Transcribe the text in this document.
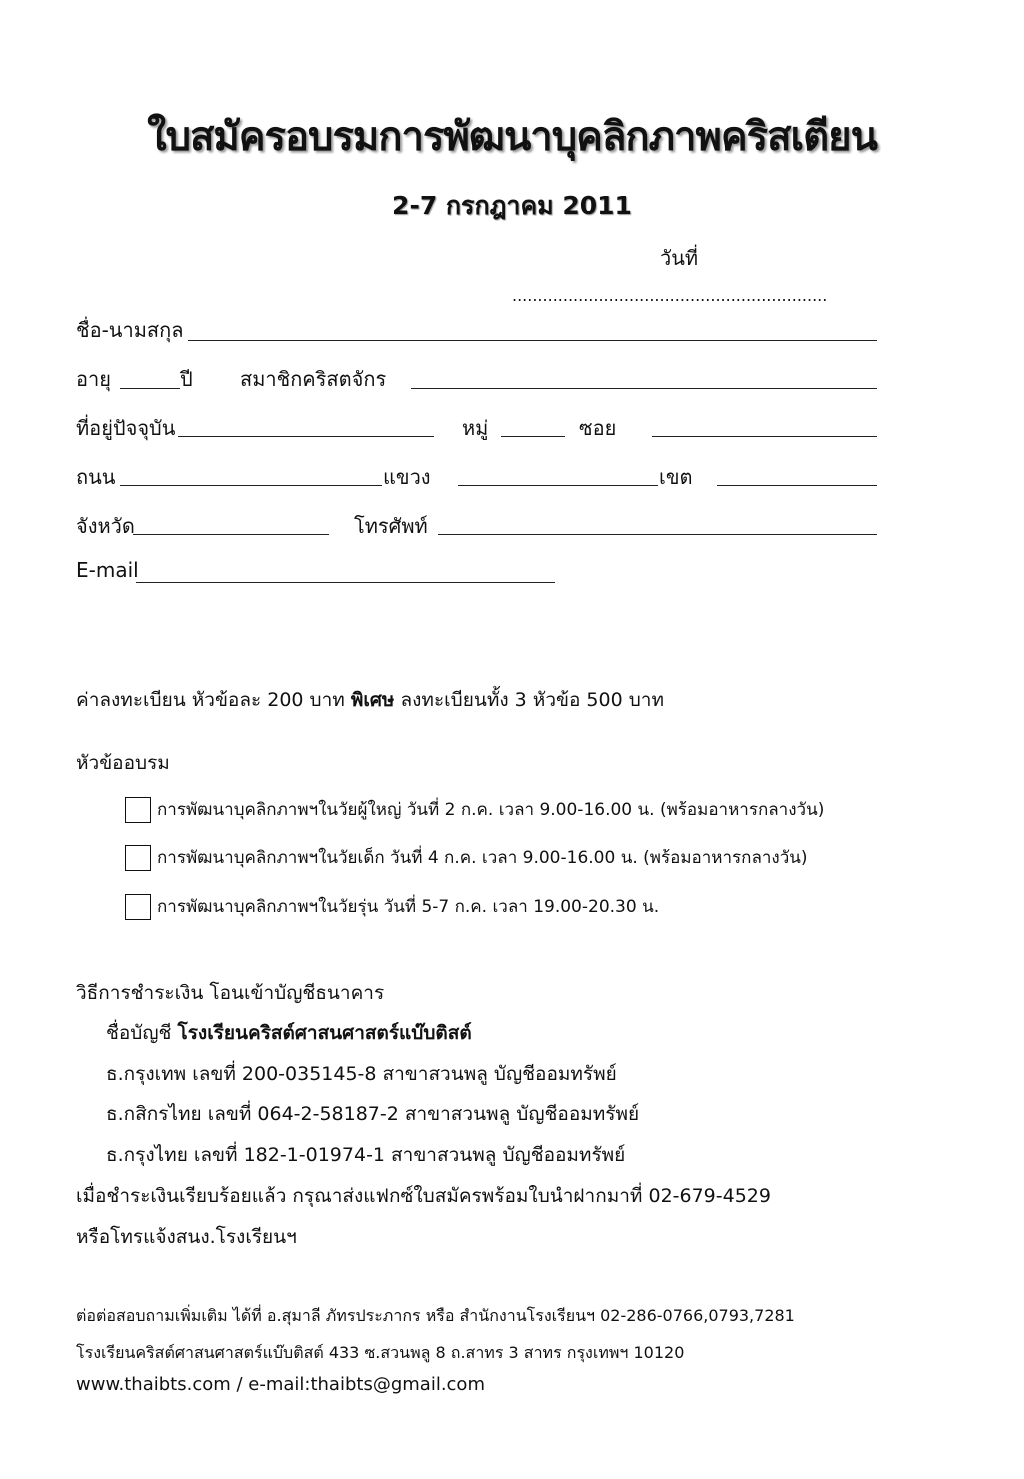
ใบสมัครอบรมการพัฒนาบุคลิกภาพคริสเตียน
2-7 กรกฎาคม 2011
วันที่
..............................................................
ชื่อ-นามสกุล
อายุ	ปี สมาชิกคริสตจักร
ที่อยู่ปัจจุบัน	หมู่	ซอย
ถนน	แขวง	เขต
จังหวัด	โทรศัพท์
E-mail
ค่าลงทะเบียน หัวข้อละ 200 บาท พิเศษ ลงทะเบียนทั้ง 3 หัวข้อ 500 บาท
หัวข้ออบรม
การพัฒนาบุคลิกภาพฯในวัยผู้ใหญ่ วันที่ 2 ก.ค. เวลา 9.00-16.00 น. (พร้อมอาหารกลางวัน)
การพัฒนาบุคลิกภาพฯในวัยเด็ก วันที่ 4 ก.ค. เวลา 9.00-16.00 น. (พร้อมอาหารกลางวัน)
การพัฒนาบุคลิกภาพฯในวัยรุ่น วันที่ 5-7 ก.ค. เวลา 19.00-20.30 น.
วิธีการชำระเงิน โอนเข้าบัญชีธนาคาร
ชื่อบัญชี โรงเรียนคริสต์ศาสนศาสตร์แบ๊บติสต์
ธ.กรุงเทพ เลขที่ 200-035145-8 สาขาสวนพลู บัญชีออมทรัพย์
ธ.กสิกรไทย เลขที่ 064-2-58187-2 สาขาสวนพลู บัญชีออมทรัพย์
ธ.กรุงไทย เลขที่ 182-1-01974-1 สาขาสวนพลู บัญชีออมทรัพย์
เมื่อชำระเงินเรียบร้อยแล้ว กรุณาส่งแฟกซ์ใบสมัครพร้อมใบนำฝากมาที่ 02-679-4529
หรือโทรแจ้งสนง.โรงเรียนฯ
ต่อต่อสอบถามเพิ่มเติม ได้ที่ อ.สุมาลี ภัทรประภากร หรือ สำนักงานโรงเรียนฯ 02-286-0766,0793,7281
โรงเรียนคริสต์ศาสนศาสตร์แบ๊บติสต์ 433 ซ.สวนพลู 8 ถ.สาทร 3 สาทร กรุงเทพฯ 10120
www.thaibts.com / e-mail:thaibts@gmail.com
